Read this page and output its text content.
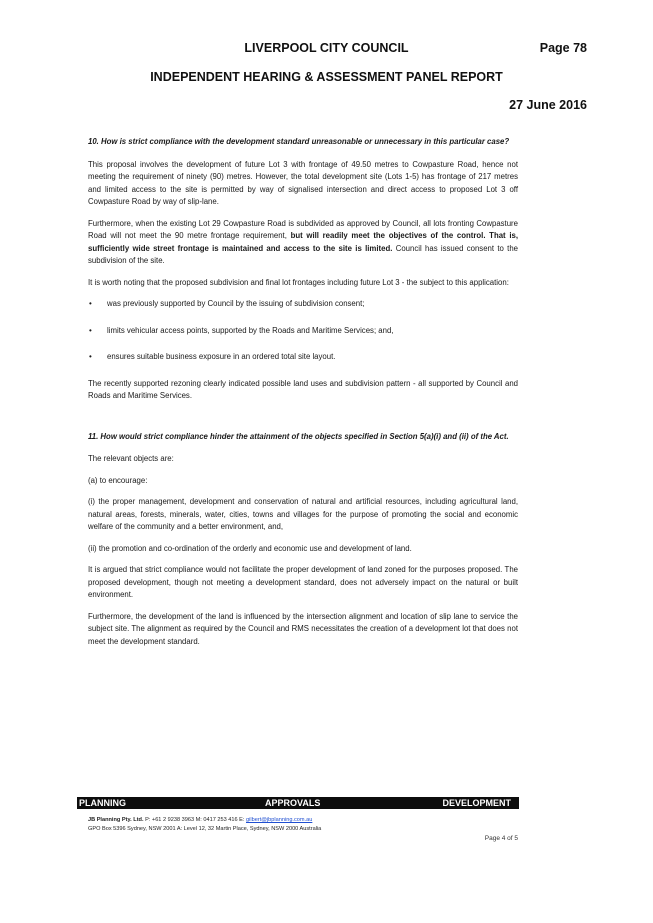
LIVERPOOL CITY COUNCIL	Page 78
INDEPENDENT HEARING & ASSESSMENT PANEL REPORT
27 June 2016

10. How is strict compliance with the development standard unreasonable or unnecessary in this particular case?

This proposal involves the development of future Lot 3 with frontage of 49.50 metres to Cowpasture Road, hence not meeting the requirement of ninety (90) metres. However, the total development site (Lots 1-5) has frontage of 217 metres and limited access to the site is permitted by way of signalised intersection and direct access to proposed Lot 3 off Cowpasture Road by way of slip-lane.

Furthermore, when the existing Lot 29 Cowpasture Road is subdivided as approved by Council, all lots fronting Cowpasture Road will not meet the 90 metre frontage requirement, but will readily meet the objectives of the control. That is, sufficiently wide street frontage is maintained and access to the site is limited. Council has issued consent to the subdivision of the site.

It is worth noting that the proposed subdivision and final lot frontages including future Lot 3 - the subject to this application:

• was previously supported by Council by the issuing of subdivision consent;
• limits vehicular access points, supported by the Roads and Maritime Services; and,
• ensures suitable business exposure in an ordered total site layout.

The recently supported rezoning clearly indicated possible land uses and subdivision pattern - all supported by Council and Roads and Maritime Services.

11. How would strict compliance hinder the attainment of the objects specified in Section 5(a)(i) and (ii) of the Act.

The relevant objects are:

(a) to encourage:

(i) the proper management, development and conservation of natural and artificial resources, including agricultural land, natural areas, forests, minerals, water, cities, towns and villages for the purpose of promoting the social and economic welfare of the community and a better environment, and,

(ii) the promotion and co-ordination of the orderly and economic use and development of land.

It is argued that strict compliance would not facilitate the proper development of land zoned for the purposes proposed. The proposed development, though not meeting a development standard, does not adversely impact on the natural or built environment.

Furthermore, the development of the land is influenced by the intersection alignment and location of slip lane to service the subject site. The alignment as required by the Council and RMS necessitates the creation of a development lot that does not meet the development standard.

PLANNING	APPROVALS	DEVELOPMENT
JB Planning Pty. Ltd. P: +61 2 9238 3963 M: 0417 253 416 E: gilbert@jbplanning.com.au
GPO Box 5396 Sydney, NSW 2001 A: Level 12, 32 Martin Place, Sydney, NSW 2000 Australia
Page 4 of 5
